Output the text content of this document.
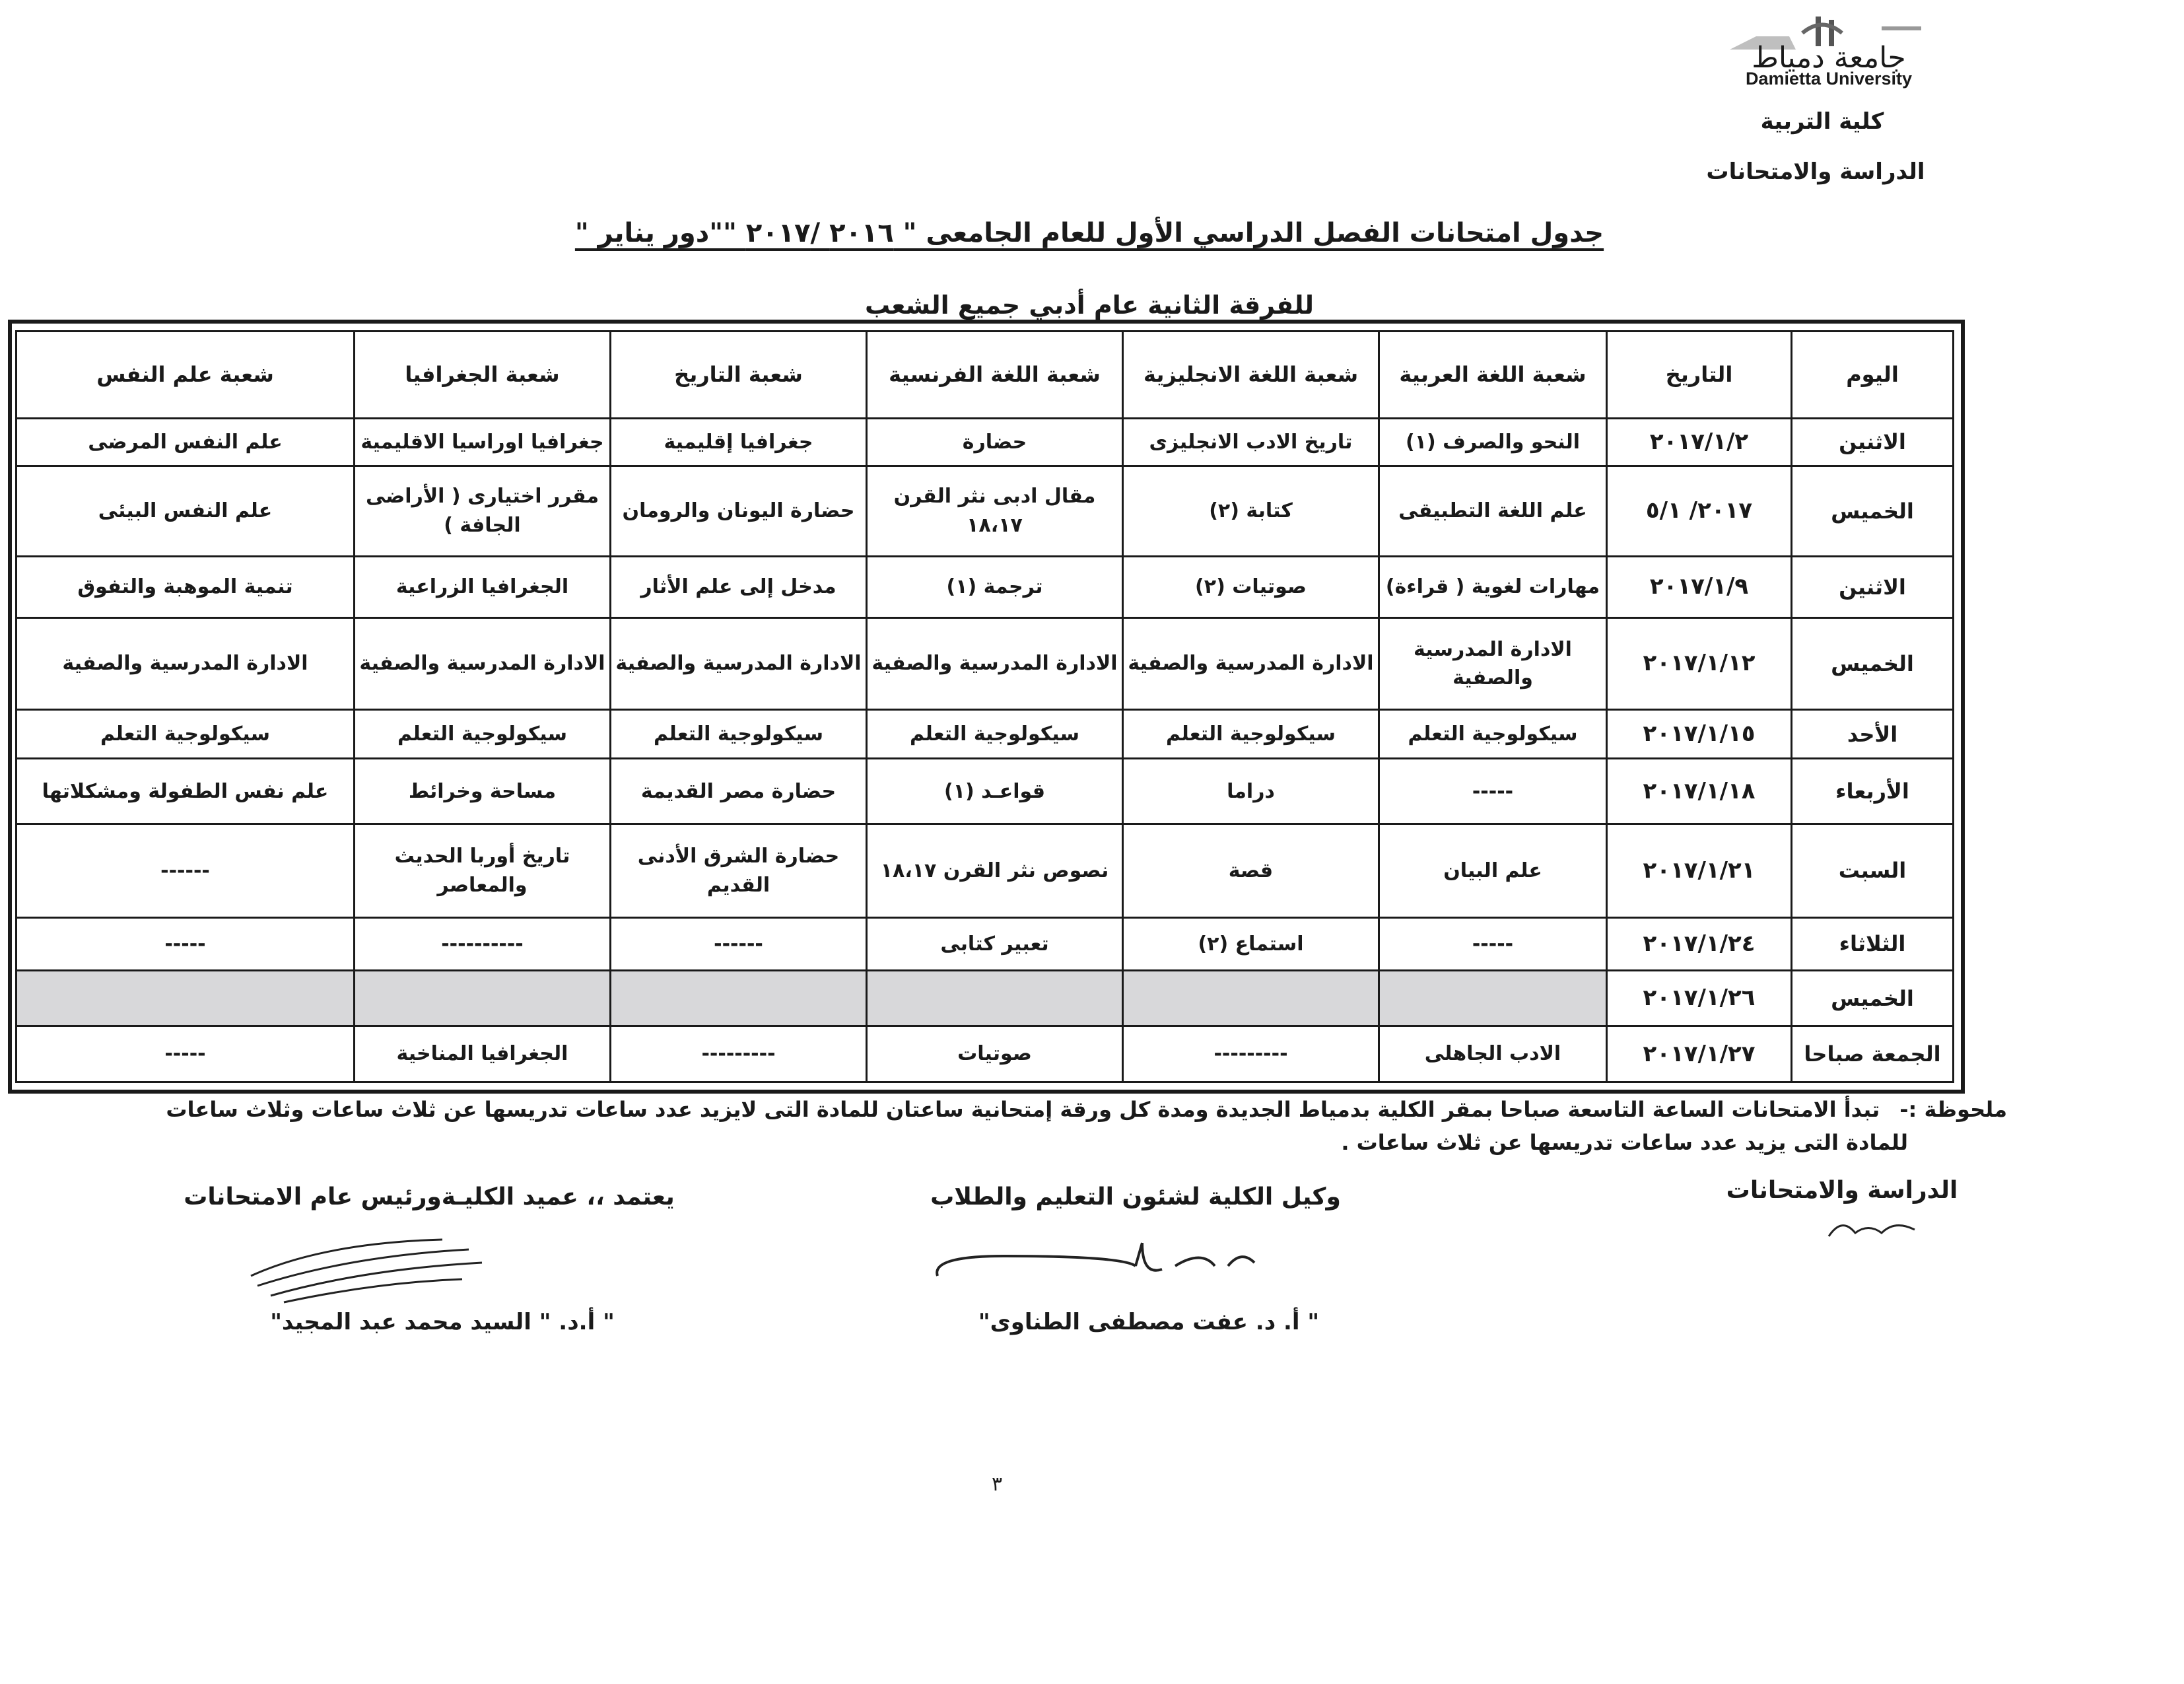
جامعة دمياط
Damietta University
كلية التربية
الدراسة والامتحانات
جدول امتحانات الفصل الدراسي الأول للعام الجامعى " ٢٠١٦ /٢٠١٧ ""دور يناير "
للفرقة الثانية عام أدبي جميع الشعب
اليوم	التاريخ	شعبة اللغة العربية	شعبة اللغة الانجليزية	شعبة اللغة الفرنسية	شعبة التاريخ	شعبة الجغرافيا	شعبة علم النفس
الاثنين	٢٠١٧/١/٢	النحو والصرف (١)	تاريخ الادب الانجليزى	حضارة	جغرافيا إقليمية	جغرافيا اوراسيا الاقليمية	علم النفس المرضى
الخميس	٢٠١٧/ ٥/١	علم اللغة التطبيقى	كتابة (٢)	مقال ادبى نثر القرن ١٨،١٧	حضارة اليونان والرومان	مقرر اختيارى ( الأراضى الجافة )	علم النفس البيئى
الاثنين	٢٠١٧/١/٩	مهارات لغوية ( قراءة)	صوتيات (٢)	ترجمة (١)	مدخل إلى علم الأثار	الجغرافيا الزراعية	تنمية الموهبة والتفوق
الخميس	٢٠١٧/١/١٢	الادارة المدرسية والصفية	الادارة المدرسية والصفية	الادارة المدرسية والصفية	الادارة المدرسية والصفية	الادارة المدرسية والصفية	الادارة المدرسية والصفية
الأحد	٢٠١٧/١/١٥	سيكولوجية التعلم	سيكولوجية التعلم	سيكولوجية التعلم	سيكولوجية التعلم	سيكولوجية التعلم	سيكولوجية التعلم
الأربعاء	٢٠١٧/١/١٨	-----	دراما	قواعـد (١)	حضارة مصر القديمة	مساحة وخرائط	علم نفس الطفولة ومشكلاتها
السبت	٢٠١٧/١/٢١	علم البيان	قصة	نصوص نثر القرن ١٨،١٧	حضارة الشرق الأدنى القديم	تاريخ أوربا الحديث والمعاصر	------
الثلاثاء	٢٠١٧/١/٢٤	-----	استماع (٢)	تعبير كتابى	------	----------	-----
الخميس	٢٠١٧/١/٢٦						
الجمعة صباحا	٢٠١٧/١/٢٧	الادب الجاهلى	---------	صوتيات	---------	الجغرافيا المناخية	-----
ملحوظة :-تبدأ الامتحانات الساعة التاسعة صباحا بمقر الكلية بدمياط الجديدة ومدة كل ورقة إمتحانية ساعتان للمادة التى لايزيد عدد ساعات تدريسها عن ثلاث ساعات وثلاث ساعات
للمادة التى يزيد عدد ساعات تدريسها عن ثلاث ساعات .
يعتمد ،، عميد الكليـةورئيس عام الامتحانات
" أ.د. " السيد محمد عبد المجيد"
وكيل الكلية لشئون التعليم والطلاب
" أ. د. عفت مصطفى الطناوى"
الدراسة والامتحانات
٣
